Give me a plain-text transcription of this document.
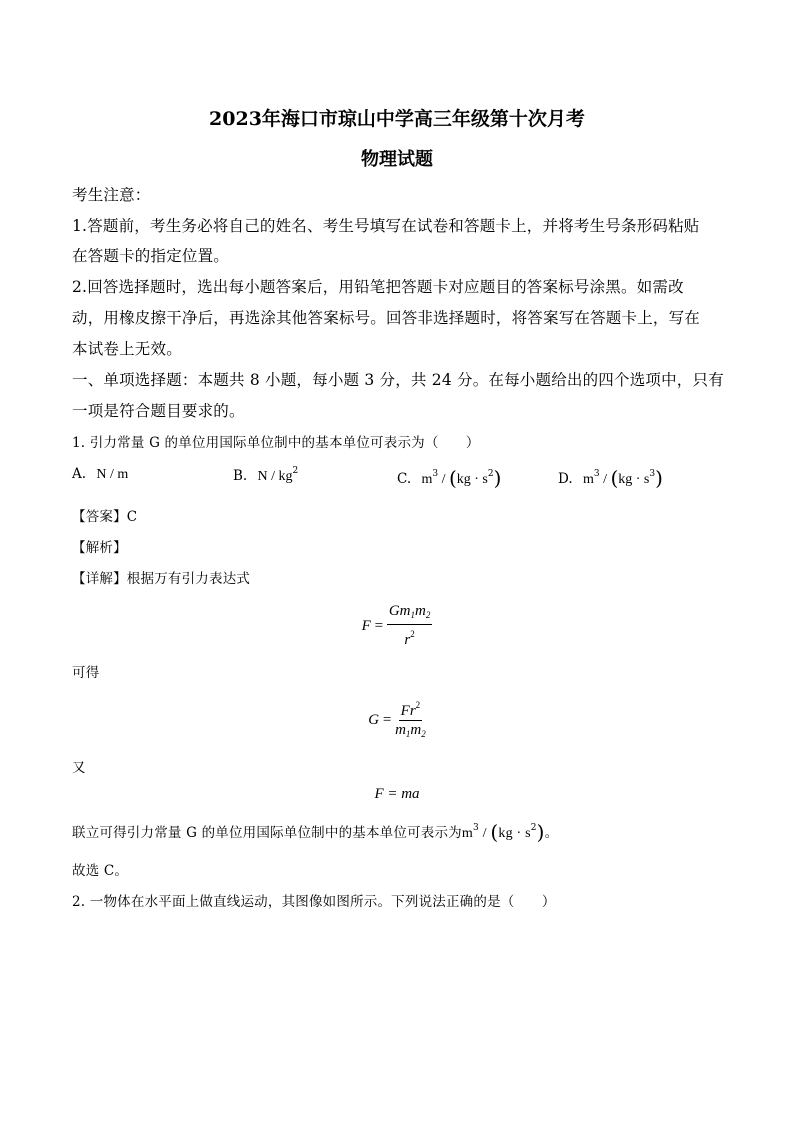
2023年海口市琼山中学高三年级第十次月考
物理试题
考生注意：
1.答题前，考生务必将自己的姓名、考生号填写在试卷和答题卡上，并将考生号条形码粘贴
在答题卡的指定位置。
2.回答选择题时，选出每小题答案后，用铅笔把答题卡对应题目的答案标号涂黑。如需改
动，用橡皮擦干净后，再选涂其他答案标号。回答非选择题时，将答案写在答题卡上，写在
本试卷上无效。
一、单项选择题：本题共 8 小题，每小题 3 分，共 24 分。在每小题给出的四个选项中，只有
一项是符合题目要求的。
1. 引力常量 G 的单位用国际单位制中的基本单位可表示为（　　）
A. N / m	B. N / $kg^2$	C. $m^3 / (kg \cdot s^2)$	D. $m^3 / (kg \cdot s^3)$
【答案】C
【解析】
【详解】根据万有引力表达式
$F = \frac{Gm_1m_2}{r^2}$
可得
$G = \frac{Fr^2}{m_1m_2}$
又
F = ma
联立可得引力常量 G 的单位用国际单位制中的基本单位可表示为$m^3 / (kg \cdot s^2)$。
故选 C。
2. 一物体在水平面上做直线运动，其图像如图所示。下列说法正确的是（　　）
